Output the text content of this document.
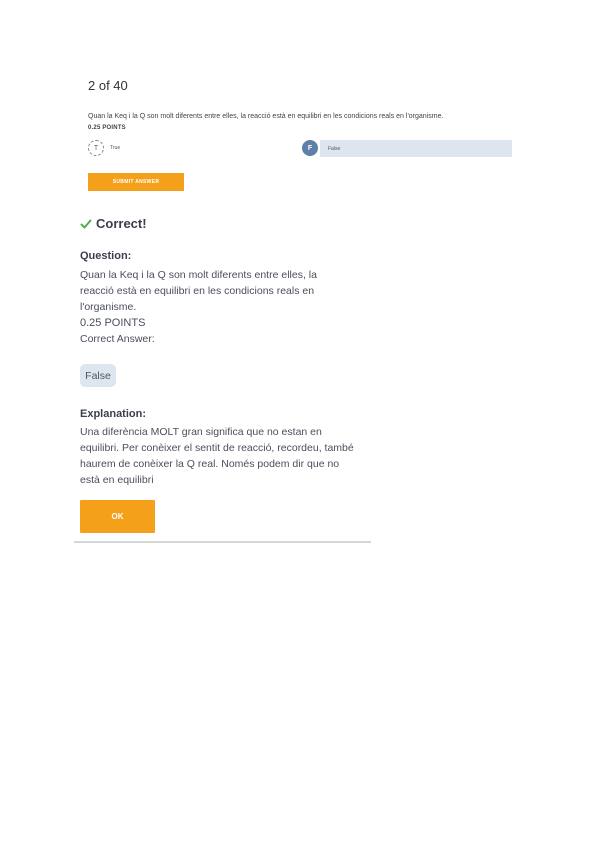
2 of 40
Quan la Keq i la Q son molt diferents entre elles, la reacció està en equilibri en les condicions reals en l'organisme.
0.25 POINTS
T	True	F	False
SUBMIT ANSWER
Correct!
Question:
Quan la Keq i la Q son molt diferents entre elles, la reacció està en equilibri en les condicions reals en l'organisme.
0.25 POINTS
Correct Answer:
False
Explanation:
Una diferència MOLT gran significa que no estan en equilibri. Per conèixer el sentit de reacció, recordeu, també haurem de conèixer la Q real. Només podem dir que no està en equilibri
OK
